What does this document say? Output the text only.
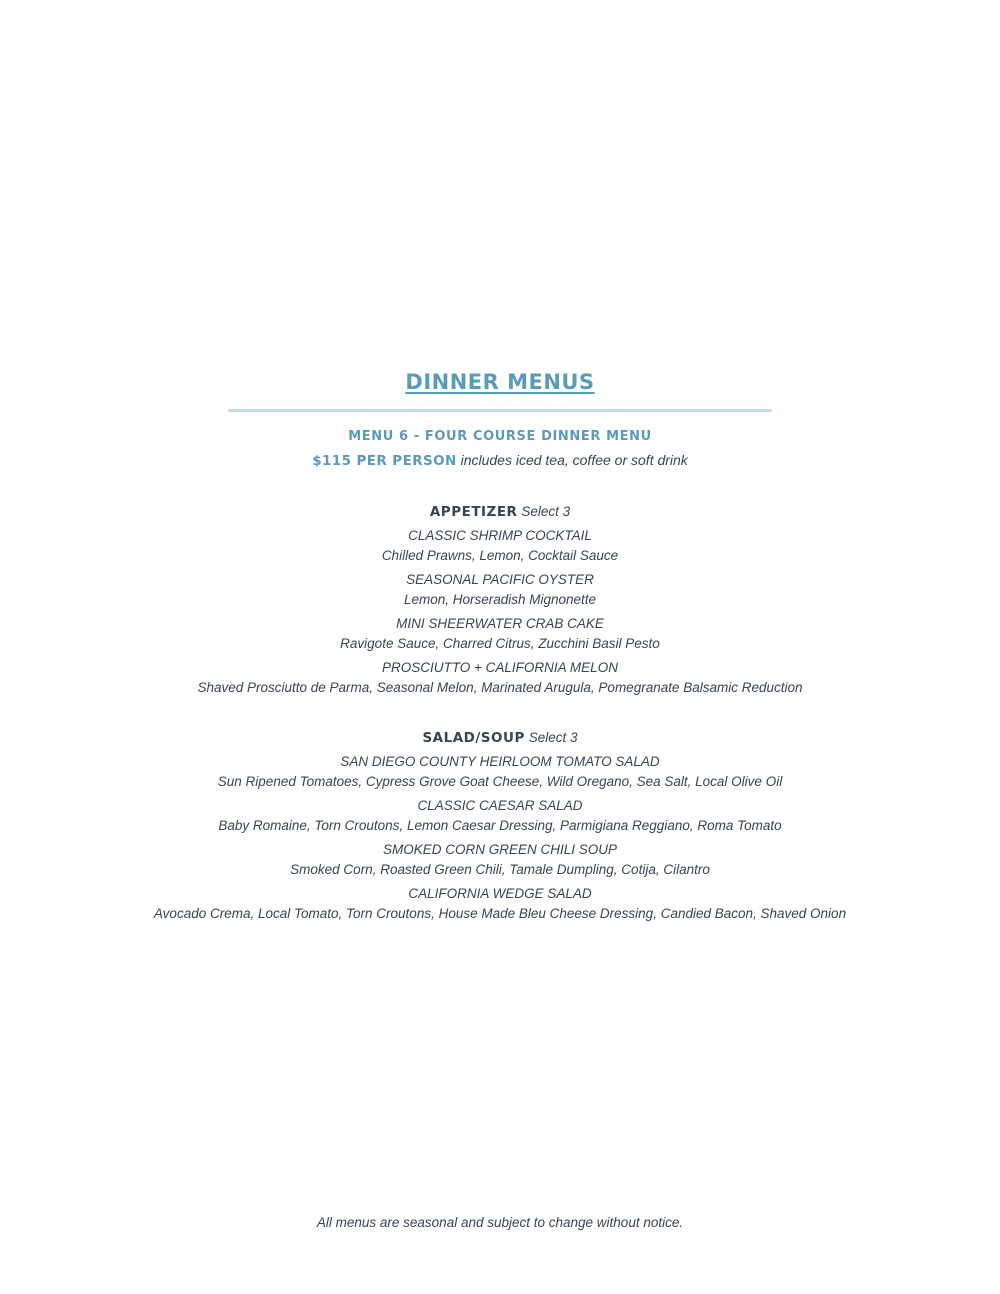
DINNER MENUS
MENU 6 - FOUR COURSE DINNER MENU
$115 PER PERSON includes iced tea, coffee or soft drink
APPETIZER Select 3
CLASSIC SHRIMP COCKTAIL
Chilled Prawns, Lemon, Cocktail Sauce
SEASONAL PACIFIC OYSTER
Lemon, Horseradish Mignonette
MINI SHEERWATER CRAB CAKE
Ravigote Sauce, Charred Citrus, Zucchini Basil Pesto
PROSCIUTTO + CALIFORNIA MELON
Shaved Prosciutto de Parma, Seasonal Melon, Marinated Arugula, Pomegranate Balsamic Reduction
SALAD/SOUP Select 3
SAN DIEGO COUNTY HEIRLOOM TOMATO SALAD
Sun Ripened Tomatoes, Cypress Grove Goat Cheese, Wild Oregano, Sea Salt, Local Olive Oil
CLASSIC CAESAR SALAD
Baby Romaine, Torn Croutons, Lemon Caesar Dressing, Parmigiana Reggiano, Roma Tomato
SMOKED CORN GREEN CHILI SOUP
Smoked Corn, Roasted Green Chili, Tamale Dumpling, Cotija, Cilantro
CALIFORNIA WEDGE SALAD
Avocado Crema, Local Tomato, Torn Croutons, House Made Bleu Cheese Dressing, Candied Bacon, Shaved Onion
All menus are seasonal and subject to change without notice.
